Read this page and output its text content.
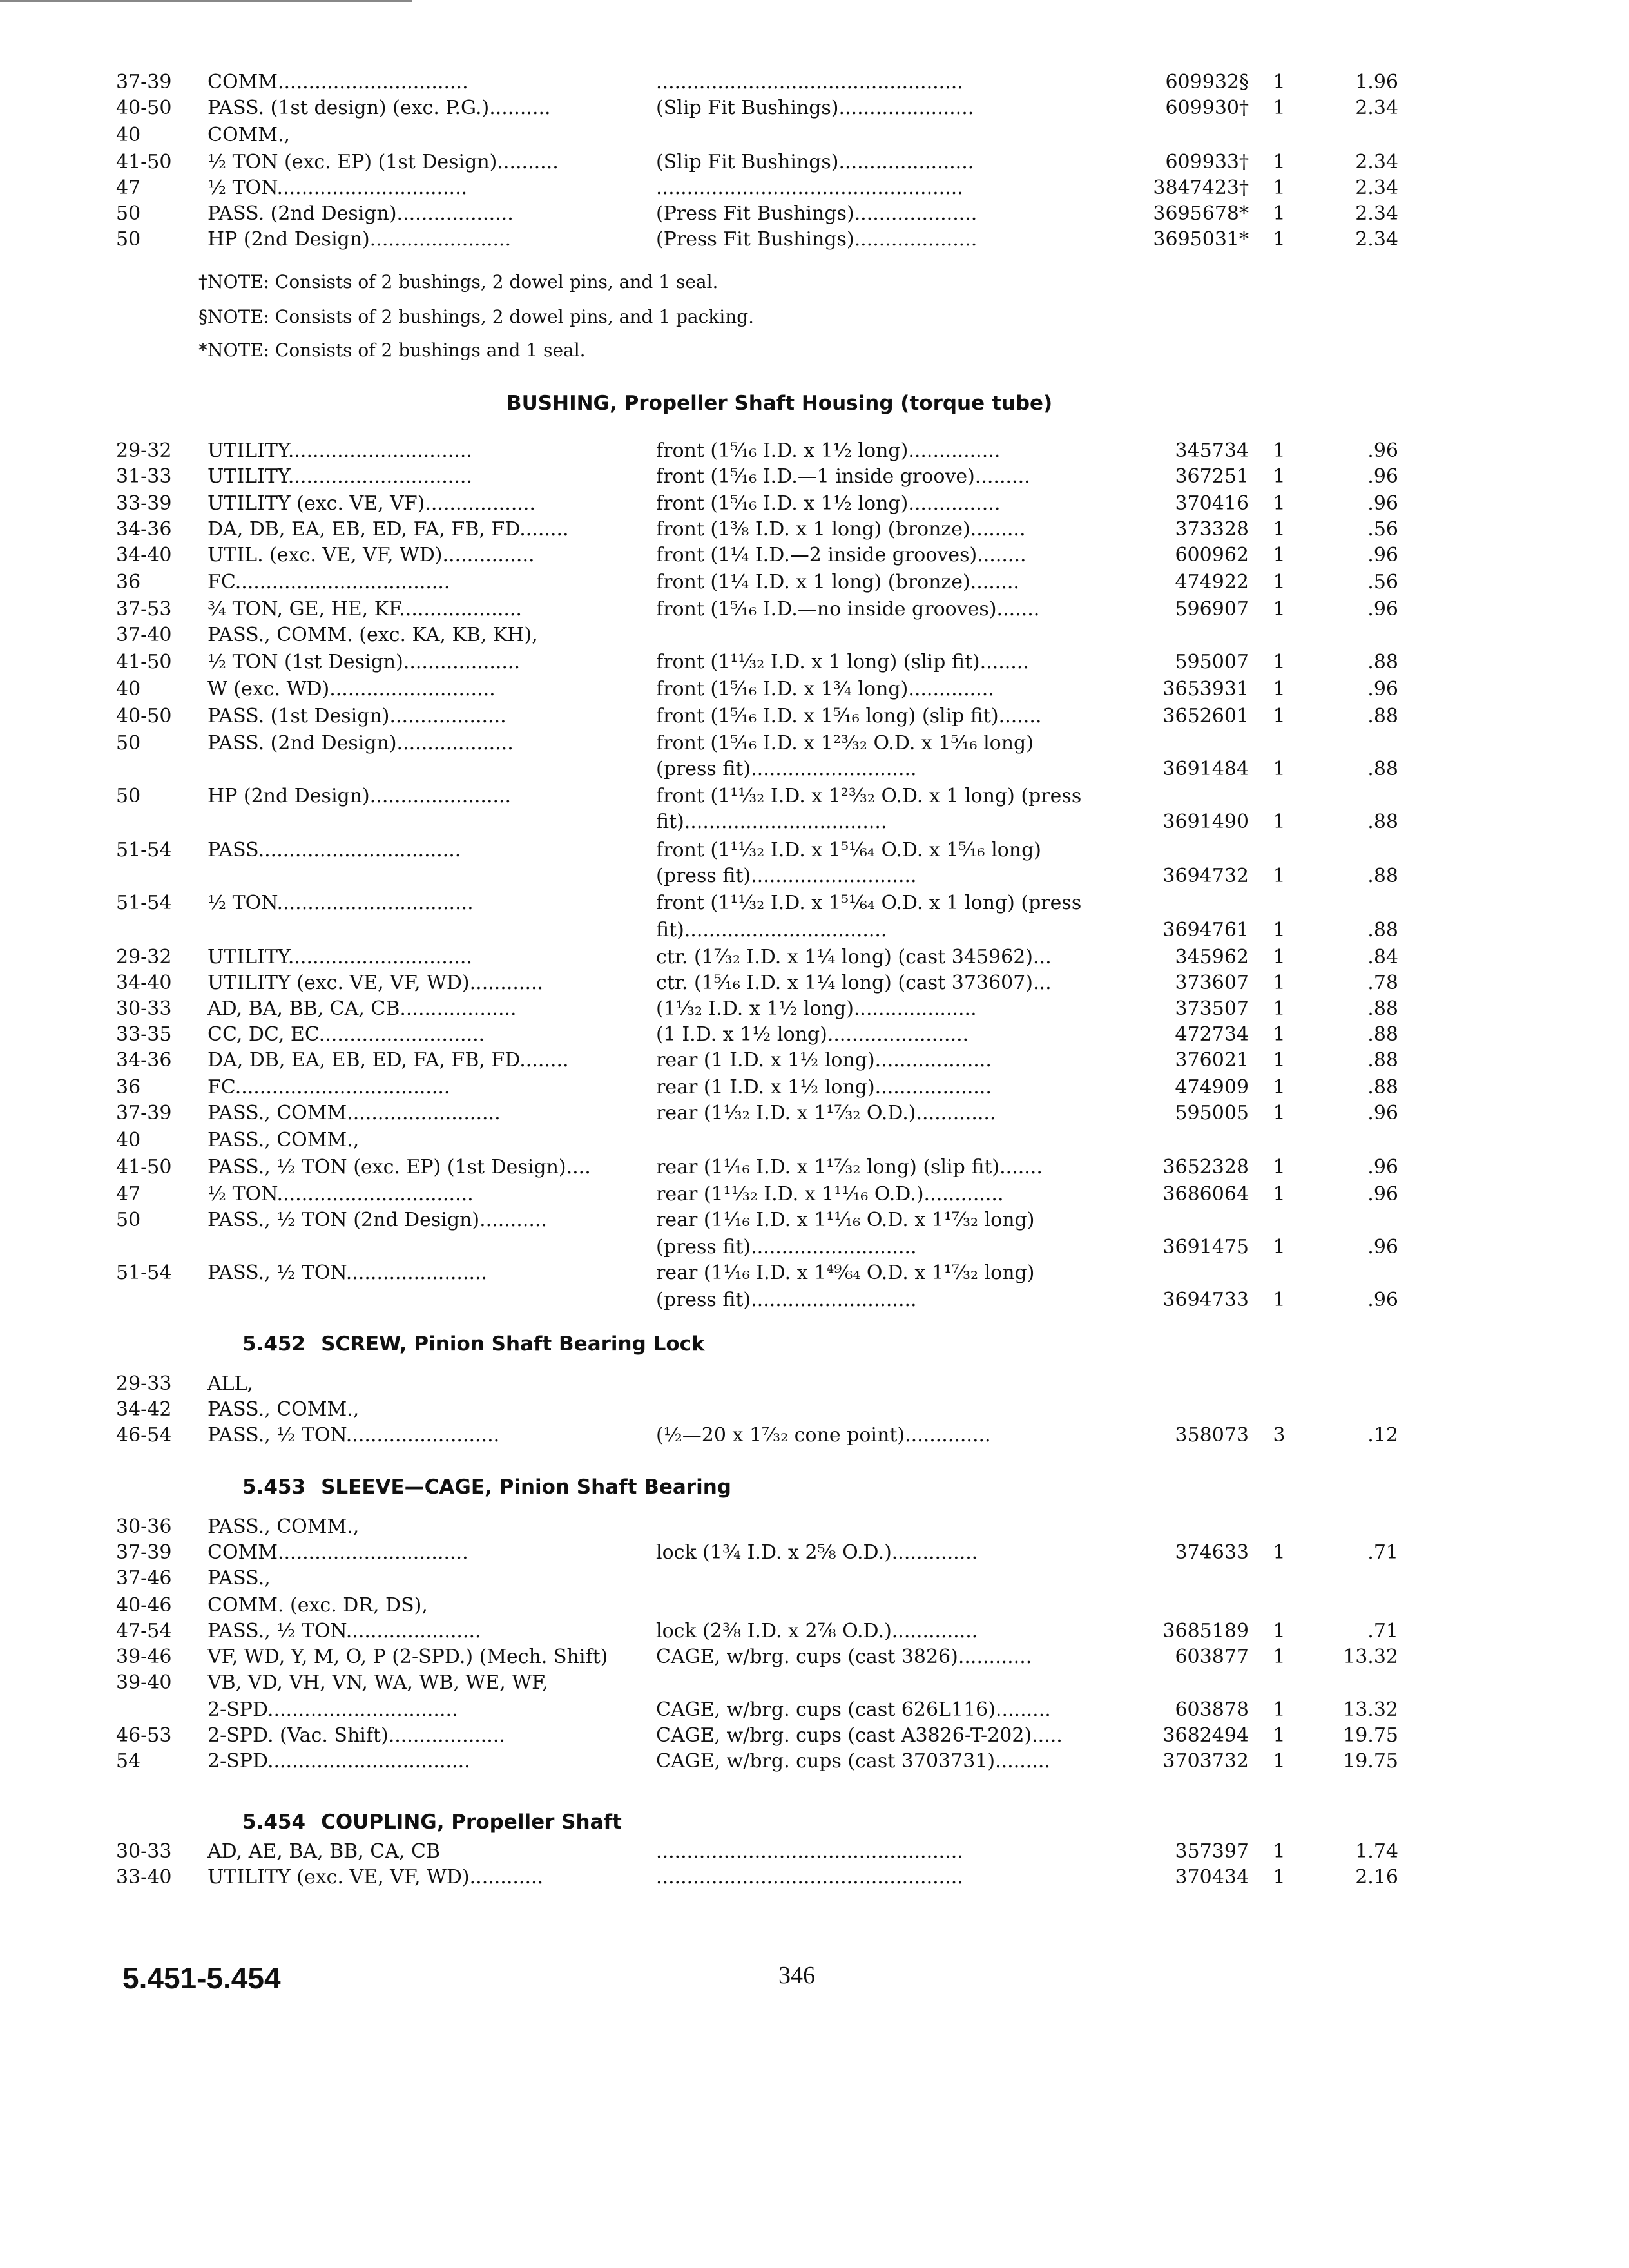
5.451-5.454	346
37-39	COMM...............................	..................................................	609932§	1	1.96
40-50	PASS. (1st design) (exc. P.G.)..........	(Slip Fit Bushings)......................	609930†	1	2.34
40	COMM.,
41-50	½ TON (exc. EP) (1st Design)..........	(Slip Fit Bushings)......................	609933†	1	2.34
47	½ TON...............................	..................................................	3847423†	1	2.34
50	PASS. (2nd Design)...................	(Press Fit Bushings)....................	3695678*	1	2.34
50	HP (2nd Design).......................	(Press Fit Bushings)....................	3695031*	1	2.34
†NOTE: Consists of 2 bushings, 2 dowel pins, and 1 seal.
§NOTE: Consists of 2 bushings, 2 dowel pins, and 1 packing.
*NOTE: Consists of 2 bushings and 1 seal.
BUSHING, Propeller Shaft Housing (torque tube)
29-32	UTILITY..............................	front (1⁵⁄₁₆ I.D. x 1½ long)...............	345734	1	.96
31-33	UTILITY..............................	front (1⁵⁄₁₆ I.D.—1 inside groove).........	367251	1	.96
33-39	UTILITY (exc. VE, VF)..................	front (1⁵⁄₁₆ I.D. x 1½ long)...............	370416	1	.96
34-36	DA, DB, EA, EB, ED, FA, FB, FD........	front (1⅜ I.D. x 1 long) (bronze).........	373328	1	.56
34-40	UTIL. (exc. VE, VF, WD)...............	front (1¼ I.D.—2 inside grooves)........	600962	1	.96
36	FC...................................	front (1¼ I.D. x 1 long) (bronze)........	474922	1	.56
37-53	¾ TON, GE, HE, KF....................	front (1⁵⁄₁₆ I.D.—no inside grooves).......	596907	1	.96
37-40	PASS., COMM. (exc. KA, KB, KH),
41-50	½ TON (1st Design)...................	front (1¹¹⁄₃₂ I.D. x 1 long) (slip fit)........	595007	1	.88
40	W (exc. WD)...........................	front (1⁵⁄₁₆ I.D. x 1¾ long)..............	3653931	1	.96
40-50	PASS. (1st Design)...................	front (1⁵⁄₁₆ I.D. x 1⁵⁄₁₆ long) (slip fit).......	3652601	1	.88
50	PASS. (2nd Design)...................	front (1⁵⁄₁₆ I.D. x 1²³⁄₃₂ O.D. x 1⁵⁄₁₆ long)
(press fit)...........................	3691484	1	.88
50	HP (2nd Design).......................	front (1¹¹⁄₃₂ I.D. x 1²³⁄₃₂ O.D. x 1 long) (press
fit).................................	3691490	1	.88
51-54	PASS.................................	front (1¹¹⁄₃₂ I.D. x 1⁵¹⁄₆₄ O.D. x 1⁵⁄₁₆ long)
(press fit)...........................	3694732	1	.88
51-54	½ TON................................	front (1¹¹⁄₃₂ I.D. x 1⁵¹⁄₆₄ O.D. x 1 long) (press
fit).................................	3694761	1	.88
29-32	UTILITY..............................	ctr. (1⁷⁄₃₂ I.D. x 1¼ long) (cast 345962)...	345962	1	.84
34-40	UTILITY (exc. VE, VF, WD)............	ctr. (1⁵⁄₁₆ I.D. x 1¼ long) (cast 373607)...	373607	1	.78
30-33	AD, BA, BB, CA, CB...................	(1¹⁄₃₂ I.D. x 1½ long)....................	373507	1	.88
33-35	CC, DC, EC...........................	(1 I.D. x 1½ long).......................	472734	1	.88
34-36	DA, DB, EA, EB, ED, FA, FB, FD........	rear (1 I.D. x 1½ long)...................	376021	1	.88
36	FC...................................	rear (1 I.D. x 1½ long)...................	474909	1	.88
37-39	PASS., COMM.........................	rear (1¹⁄₃₂ I.D. x 1¹⁷⁄₃₂ O.D.).............	595005	1	.96
40	PASS., COMM.,
41-50	PASS., ½ TON (exc. EP) (1st Design)....	rear (1¹⁄₁₆ I.D. x 1¹⁷⁄₃₂ long) (slip fit).......	3652328	1	.96
47	½ TON................................	rear (1¹¹⁄₃₂ I.D. x 1¹¹⁄₁₆ O.D.).............	3686064	1	.96
50	PASS., ½ TON (2nd Design)...........	rear (1¹⁄₁₆ I.D. x 1¹¹⁄₁₆ O.D. x 1¹⁷⁄₃₂ long)
(press fit)...........................	3691475	1	.96
51-54	PASS., ½ TON.......................	rear (1¹⁄₁₆ I.D. x 1⁴⁹⁄₆₄ O.D. x 1¹⁷⁄₃₂ long)
(press fit)...........................	3694733	1	.96
5.452 SCREW, Pinion Shaft Bearing Lock
29-33	ALL,
34-42	PASS., COMM.,
46-54	PASS., ½ TON.........................	(½—20 x 1⁷⁄₃₂ cone point)..............	358073	3	.12
5.453 SLEEVE—CAGE, Pinion Shaft Bearing
30-36	PASS., COMM.,
37-39	COMM...............................	lock (1¾ I.D. x 2⅝ O.D.)..............	374633	1	.71
37-46	PASS.,
40-46	COMM. (exc. DR, DS),
47-54	PASS., ½ TON......................	lock (2⅜ I.D. x 2⅞ O.D.)..............	3685189	1	.71
39-46	VF, WD, Y, M, O, P (2-SPD.) (Mech. Shift)	CAGE, w/brg. cups (cast 3826)............	603877	1	13.32
39-40	VB, VD, VH, VN, WA, WB, WE, WF,
2-SPD...............................	CAGE, w/brg. cups (cast 626L116).........	603878	1	13.32
46-53	2-SPD. (Vac. Shift)...................	CAGE, w/brg. cups (cast A3826-T-202).....	3682494	1	19.75
54	2-SPD.................................	CAGE, w/brg. cups (cast 3703731).........	3703732	1	19.75
5.454 COUPLING, Propeller Shaft
30-33	AD, AE, BA, BB, CA, CB	..................................................	357397	1	1.74
33-40	UTILITY (exc. VE, VF, WD)............	..................................................	370434	1	2.16
